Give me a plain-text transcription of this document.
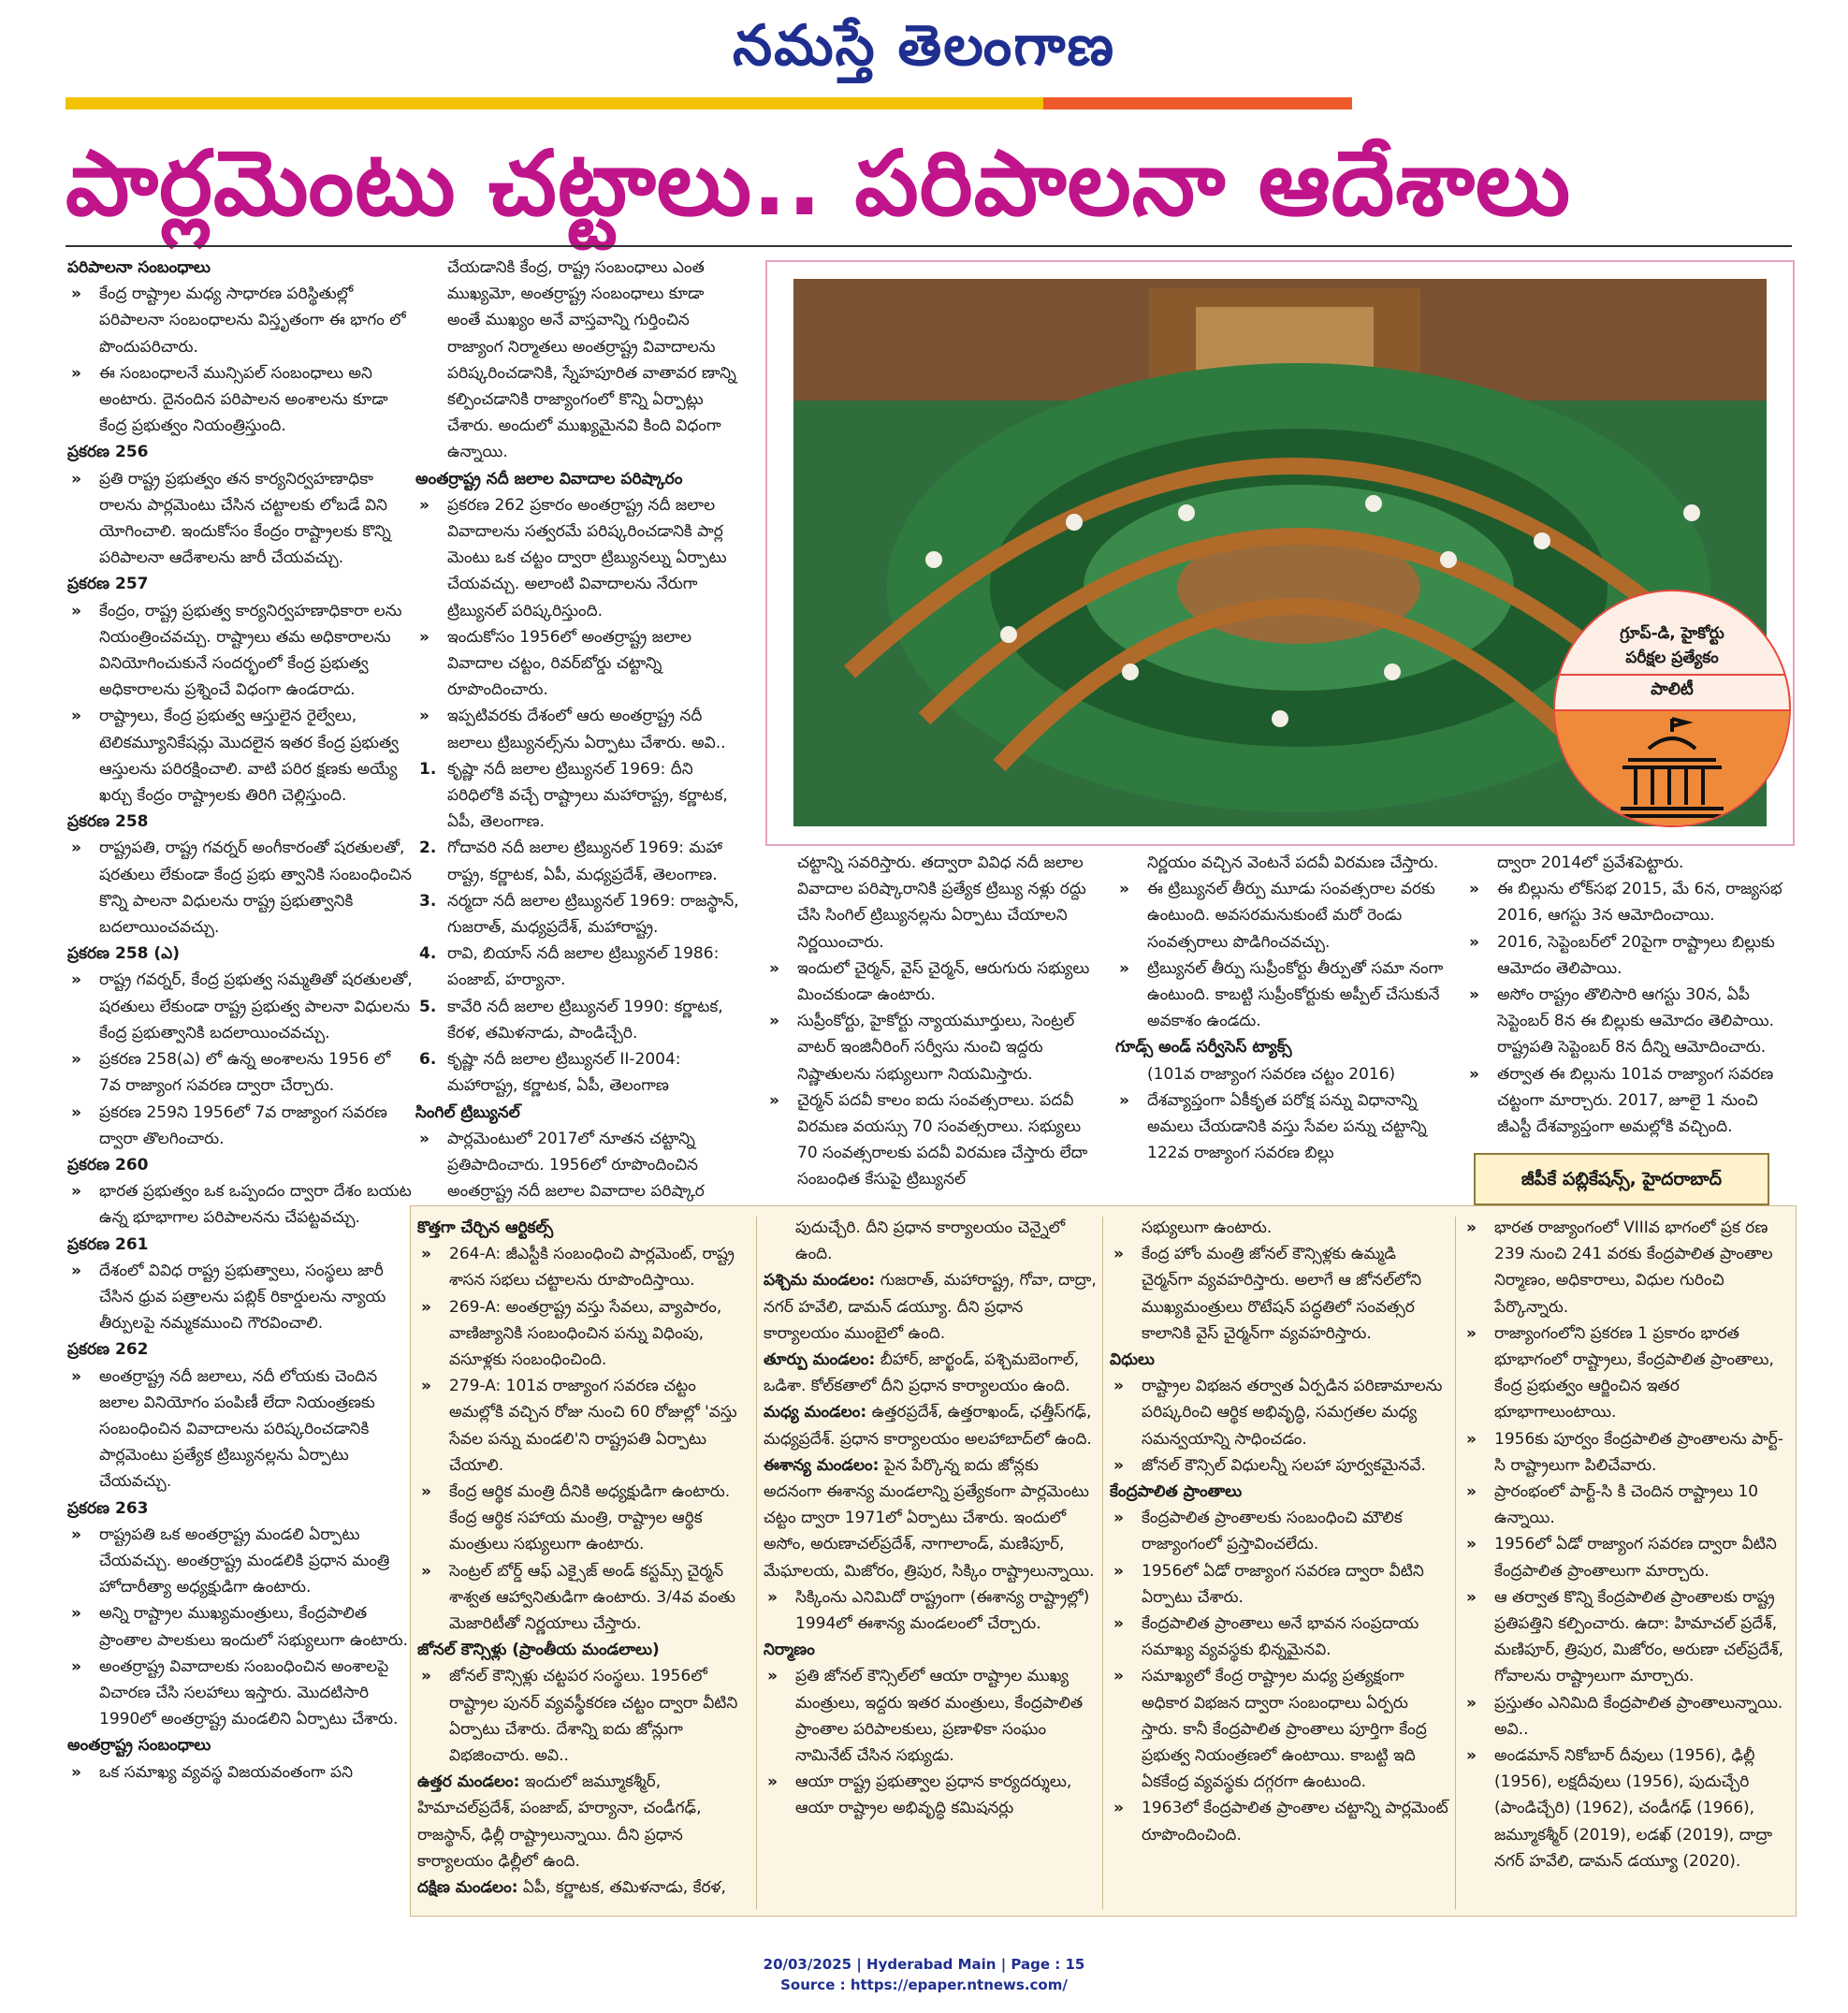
నమస్తే తెలంగాణ
పార్లమెంటు చట్టాలు.. పరిపాలనా ఆదేశాలు

పరిపాలనా సంబంధాలు

» కేంద్ర రాష్ట్రాల మధ్య సాధారణ పరిస్థితుల్లో పరిపాలనా సంబంధాలను విస్తృతంగా ఈ భాగం లో పొందుపరిచారు.

» ఈ సంబంధాలనే మున్సిపల్ సంబంధాలు అని అంటారు. దైనందిన పరిపాలన అంశాలను కూడా కేంద్ర ప్రభుత్వం నియంత్రిస్తుంది.

ప్రకరణ 256

» ప్రతి రాష్ట్ర ప్రభుత్వం తన కార్యనిర్వహణాధికా రాలను పార్లమెంటు చేసిన చట్టాలకు లోబడే విని యోగించాలి. ఇందుకోసం కేంద్రం రాష్ట్రాలకు కొన్ని పరిపాలనా ఆదేశాలను జారీ చేయవచ్చు.

ప్రకరణ 257

» కేంద్రం, రాష్ట్ర ప్రభుత్వ కార్యనిర్వహణాధికారా లను నియంత్రించవచ్చు. రాష్ట్రాలు తమ అధికారాలను వినియోగించుకునే సందర్భంలో కేంద్ర ప్రభుత్వ అధికారాలను ప్రశ్నించే విధంగా ఉండరాదు.

» రాష్ట్రాలు, కేంద్ర ప్రభుత్వ ఆస్తులైన రైల్వేలు, టెలికమ్యూనికేషన్లు మొదలైన ఇతర కేంద్ర ప్రభుత్వ ఆస్తులను పరిరక్షించాలి. వాటి పరిర క్షణకు అయ్యే ఖర్చు కేంద్రం రాష్ట్రాలకు తిరిగి చెల్లిస్తుంది.

ప్రకరణ 258

» రాష్ట్రపతి, రాష్ట్ర గవర్నర్ అంగీకారంతో షరతులతో, షరతులు లేకుండా కేంద్ర ప్రభు త్వానికి సంబంధించిన కొన్ని పాలనా విధులను రాష్ట్ర ప్రభుత్వానికి బదలాయించవచ్చు.

ప్రకరణ 258 (ఎ)

» రాష్ట్ర గవర్నర్, కేంద్ర ప్రభుత్వ సమ్మతితో షరతులతో, షరతులు లేకుండా రాష్ట్ర ప్రభుత్వ పాలనా విధులను కేంద్ర ప్రభుత్వానికి బదలాయించవచ్చు.

» ప్రకరణ 258(ఎ) లో ఉన్న అంశాలను 1956 లో 7వ రాజ్యాంగ సవరణ ద్వారా చేర్చారు.

» ప్రకరణ 259ని 1956లో 7వ రాజ్యాంగ సవరణ ద్వారా తొలగించారు.

ప్రకరణ 260

» భారత ప్రభుత్వం ఒక ఒప్పందం ద్వారా దేశం బయట ఉన్న భూభాగాల పరిపాలనను చేపట్టవచ్చు.

ప్రకరణ 261

» దేశంలో వివిధ రాష్ట్ర ప్రభుత్వాలు, సంస్థలు జారీ చేసిన ధ్రువ పత్రాలను పబ్లిక్ రికార్డులను న్యాయ తీర్పులపై నమ్మకముంచి గౌరవించాలి.

ప్రకరణ 262

» అంతర్రాష్ట్ర నదీ జలాలు, నదీ లోయకు చెందిన జలాల వినియోగం పంపిణీ లేదా నియంత్రణకు సంబంధించిన వివాదాలను పరిష్కరించడానికి పార్లమెంటు ప్రత్యేక ట్రిబ్యునల్లను ఏర్పాటు చేయవచ్చు.

ప్రకరణ 263

» రాష్ట్రపతి ఒక అంతర్రాష్ట్ర మండలి ఏర్పాటు చేయవచ్చు. అంతర్రాష్ట్ర మండలికి ప్రధాన మంత్రి హోదారీత్యా అధ్యక్షుడిగా ఉంటారు.

» అన్ని రాష్ట్రాల ముఖ్యమంత్రులు, కేంద్రపాలిత ప్రాంతాల పాలకులు ఇందులో సభ్యులుగా ఉంటారు.

» అంతర్రాష్ట్ర వివాదాలకు సంబంధించిన అంశాలపై విచారణ చేసి సలహాలు ఇస్తారు. మొదటిసారి 1990లో అంతర్రాష్ట్ర మండలిని ఏర్పాటు చేశారు.

అంతర్రాష్ట్ర సంబంధాలు

» ఒక సమాఖ్య వ్యవస్థ విజయవంతంగా పని

చేయడానికి కేంద్ర, రాష్ట్ర సంబంధాలు ఎంత ముఖ్యమో, అంతర్రాష్ట్ర సంబంధాలు కూడా అంతే ముఖ్యం అనే వాస్తవాన్ని గుర్తించిన రాజ్యాంగ నిర్మాతలు అంతర్రాష్ట్ర వివాదాలను పరిష్కరించడానికి, స్నేహపూరిత వాతావర ణాన్ని కల్పించడానికి రాజ్యాంగంలో కొన్ని ఏర్పాట్లు చేశారు. అందులో ముఖ్యమైనవి కింది విధంగా ఉన్నాయి.

అంతర్రాష్ట్ర నదీ జలాల వివాదాల పరిష్కారం

» ప్రకరణ 262 ప్రకారం అంతర్రాష్ట్ర నదీ జలాల వివాదాలను సత్వరమే పరిష్కరించడానికి పార్ల మెంటు ఒక చట్టం ద్వారా ట్రిబ్యునల్ను ఏర్పాటు చేయవచ్చు. అలాంటి వివాదాలను నేరుగా ట్రిబ్యునల్ పరిష్కరిస్తుంది.

» ఇందుకోసం 1956లో అంతర్రాష్ట్ర జలాల వివాదాల చట్టం, రివర్‌బోర్డు చట్టాన్ని రూపొందించారు.

» ఇప్పటివరకు దేశంలో ఆరు అంతర్రాష్ట్ర నదీ జలాలు ట్రిబ్యునల్స్‌ను ఏర్పాటు చేశారు. అవి..

1. కృష్ణా నదీ జలాల ట్రిబ్యునల్ 1969: దీని పరిధిలోకి వచ్చే రాష్ట్రాలు మహారాష్ట్ర, కర్ణాటక, ఏపీ, తెలంగాణ.

2. గోదావరి నదీ జలాల ట్రిబ్యునల్ 1969: మహా రాష్ట్ర, కర్ణాటక, ఏపీ, మధ్యప్రదేశ్, తెలంగాణ.

3. నర్మదా నదీ జలాల ట్రిబ్యునల్ 1969: రాజస్థాన్, గుజరాత్, మధ్యప్రదేశ్, మహారాష్ట్ర.

4. రావి, బియాస్ నదీ జలాల ట్రిబ్యునల్ 1986: పంజాబ్, హర్యానా.

5. కావేరి నదీ జలాల ట్రిబ్యునల్ 1990: కర్ణాటక, కేరళ, తమిళనాడు, పాండిచ్చేరి.

6. కృష్ణా నదీ జలాల ట్రిబ్యునల్ II-2004: మహారాష్ట్ర, కర్ణాటక, ఏపీ, తెలంగాణ

సింగిల్ ట్రిబ్యునల్

» పార్లమెంటులో 2017లో నూతన చట్టాన్ని ప్రతిపాదించారు. 1956లో రూపొందించిన అంతర్రాష్ట్ర నదీ జలాల వివాదాల పరిష్కార

చట్టాన్ని సవరిస్తారు. తద్వారా వివిధ నదీ జలాల వివాదాల పరిష్కారానికి ప్రత్యేక ట్రిబ్యు నళ్లు రద్దు చేసి సింగిల్ ట్రిబ్యునల్లను ఏర్పాటు చేయాలని నిర్ణయించారు.

» ఇందులో చైర్మన్, వైస్ చైర్మన్, ఆరుగురు సభ్యులు మించకుండా ఉంటారు.

» సుప్రీంకోర్టు, హైకోర్టు న్యాయమూర్తులు, సెంట్రల్ వాటర్ ఇంజినీరింగ్ సర్వీసు నుంచి ఇద్దరు నిష్ణాతులను సభ్యులుగా నియమిస్తారు.

» చైర్మన్ పదవీ కాలం ఐదు సంవత్సరాలు. పదవీ విరమణ వయస్సు 70 సంవత్సరాలు. సభ్యులు 70 సంవత్సరాలకు పదవీ విరమణ చేస్తారు లేదా సంబంధిత కేసుపై ట్రిబ్యునల్

నిర్ణయం వచ్చిన వెంటనే పదవీ విరమణ చేస్తారు.

» ఈ ట్రిబ్యునల్ తీర్పు మూడు సంవత్సరాల వరకు ఉంటుంది. అవసరమనుకుంటే మరో రెండు సంవత్సరాలు పొడిగించవచ్చు.

» ట్రిబ్యునల్ తీర్పు సుప్రీంకోర్టు తీర్పుతో సమా నంగా ఉంటుంది. కాబట్టి సుప్రీంకోర్టుకు అప్పీల్ చేసుకునే అవకాశం ఉండదు.

గూడ్స్ అండ్ సర్వీసెస్ ట్యాక్స్

(101వ రాజ్యాంగ సవరణ చట్టం 2016)

» దేశవ్యాప్తంగా ఏకీకృత పరోక్ష పన్ను విధానాన్ని అమలు చేయడానికి వస్తు సేవల పన్ను చట్టాన్ని 122వ రాజ్యాంగ సవరణ బిల్లు

ద్వారా 2014లో ప్రవేశపెట్టారు.

» ఈ బిల్లును లోక్‌సభ 2015, మే 6న, రాజ్యసభ 2016, ఆగస్టు 3న ఆమోదించాయి.

» 2016, సెప్టెంబర్‌లో 20పైగా రాష్ట్రాలు బిల్లుకు ఆమోదం తెలిపాయి.

» అసోం రాష్ట్రం తొలిసారి ఆగస్టు 30న, ఏపీ సెప్టెంబర్ 8న ఈ బిల్లుకు ఆమోదం తెలిపాయి. రాష్ట్రపతి సెప్టెంబర్ 8న దీన్ని ఆమోదించారు.

» తర్వాత ఈ బిల్లును 101వ రాజ్యాంగ సవరణ చట్టంగా మార్చారు. 2017, జూలై 1 నుంచి జీఎస్టీ దేశవ్యాప్తంగా అమల్లోకి వచ్చింది.

గ్రూప్-డి, హైకోర్టు
పరీక్షల ప్రత్యేకం
పాలిటీ

కొత్తగా చేర్చిన ఆర్టికల్స్

» 264-A: జీఎస్టీకి సంబంధించి పార్లమెంట్, రాష్ట్ర శాసన సభలు చట్టాలను రూపొందిస్తాయి.

» 269-A: అంతర్రాష్ట్ర వస్తు సేవలు, వ్యాపారం, వాణిజ్యానికి సంబంధించిన పన్ను విధింపు, వసూళ్లకు సంబంధించింది.

» 279-A: 101వ రాజ్యాంగ సవరణ చట్టం అమల్లోకి వచ్చిన రోజు నుంచి 60 రోజుల్లో 'వస్తు సేవల పన్ను మండలి'ని రాష్ట్రపతి ఏర్పాటు చేయాలి.

» కేంద్ర ఆర్థిక మంత్రి దీనికి అధ్యక్షుడిగా ఉంటారు. కేంద్ర ఆర్థిక సహాయ మంత్రి, రాష్ట్రాల ఆర్థిక మంత్రులు సభ్యులుగా ఉంటారు.

» సెంట్రల్ బోర్డ్ ఆఫ్ ఎక్సైజ్ అండ్ కస్టమ్స్ చైర్మన్ శాశ్వత ఆహ్వానితుడిగా ఉంటారు. 3/4వ వంతు మెజారిటీతో నిర్ణయాలు చేస్తారు.

జోనల్ కౌన్సిళ్లు (ప్రాంతీయ మండలాలు)

» జోనల్ కౌన్సిళ్లు చట్టపర సంస్థలు. 1956లో రాష్ట్రాల పునర్ వ్యవస్థీకరణ చట్టం ద్వారా వీటిని ఏర్పాటు చేశారు. దేశాన్ని ఐదు జోన్లుగా విభజించారు. అవి..

ఉత్తర మండలం: ఇందులో జమ్మూకశ్మీర్, హిమాచల్‌ప్రదేశ్, పంజాబ్, హర్యానా, చండీగఢ్, రాజస్థాన్, ఢిల్లీ రాష్ట్రాలున్నాయి. దీని ప్రధాన కార్యాలయం ఢిల్లీలో ఉంది.

దక్షిణ మండలం: ఏపీ, కర్ణాటక, తమిళనాడు, కేరళ,

పుదుచ్చేరి. దీని ప్రధాన కార్యాలయం చెన్నైలో ఉంది.

పశ్చిమ మండలం: గుజరాత్, మహారాష్ట్ర, గోవా, దాద్రా, నగర్ హవేలి, డామన్ డయ్యూ. దీని ప్రధాన కార్యాలయం ముంబైలో ఉంది.

తూర్పు మండలం: బీహార్, జార్ఖండ్, పశ్చిమబెంగాల్, ఒడిశా. కోల్‌కతాలో దీని ప్రధాన కార్యాలయం ఉంది.

మధ్య మండలం: ఉత్తరప్రదేశ్, ఉత్తరాఖండ్, ఛత్తీస్‌గఢ్, మధ్యప్రదేశ్. ప్రధాన కార్యాలయం అలహాబాద్‌లో ఉంది.

ఈశాన్య మండలం: పైన పేర్కొన్న ఐదు జోన్లకు అదనంగా ఈశాన్య మండలాన్ని ప్రత్యేకంగా పార్లమెంటు చట్టం ద్వారా 1971లో ఏర్పాటు చేశారు. ఇందులో అసోం, అరుణాచల్‌ప్రదేశ్, నాగాలాండ్, మణిపూర్, మేఘాలయ, మిజోరం, త్రిపుర, సిక్కిం రాష్ట్రాలున్నాయి.

» సిక్కింను ఎనిమిదో రాష్ట్రంగా (ఈశాన్య రాష్ట్రాల్లో) 1994లో ఈశాన్య మండలంలో చేర్చారు.

నిర్మాణం

» ప్రతి జోనల్ కౌన్సిల్‌లో ఆయా రాష్ట్రాల ముఖ్య మంత్రులు, ఇద్దరు ఇతర మంత్రులు, కేంద్రపాలిత ప్రాంతాల పరిపాలకులు, ప్రణాళికా సంఘం నామినేట్ చేసిన సభ్యుడు.

» ఆయా రాష్ట్ర ప్రభుత్వాల ప్రధాన కార్యదర్శులు, ఆయా రాష్ట్రాల అభివృద్ధి కమిషనర్లు

సభ్యులుగా ఉంటారు.

» కేంద్ర హోం మంత్రి జోనల్ కౌన్సిళ్లకు ఉమ్మడి చైర్మన్‌గా వ్యవహరిస్తారు. అలాగే ఆ జోనల్‌లోని ముఖ్యమంత్రులు రొటేషన్ పద్ధతిలో సంవత్సర కాలానికి వైస్ చైర్మన్‌గా వ్యవహరిస్తారు.

విధులు

» రాష్ట్రాల విభజన తర్వాత ఏర్పడిన పరిణామాలను పరిష్కరించి ఆర్థిక అభివృద్ధి, సమగ్రతల మధ్య సమన్వయాన్ని సాధించడం.

» జోనల్ కౌన్సిల్ విధులన్నీ సలహా పూర్వకమైనవే.

కేంద్రపాలిత ప్రాంతాలు

» కేంద్రపాలిత ప్రాంతాలకు సంబంధించి మౌలిక రాజ్యాంగంలో ప్రస్తావించలేదు.

» 1956లో ఏడో రాజ్యాంగ సవరణ ద్వారా వీటిని ఏర్పాటు చేశారు.

» కేంద్రపాలిత ప్రాంతాలు అనే భావన సంప్రదాయ సమాఖ్య వ్యవస్థకు భిన్నమైనవి.

» సమాఖ్యలో కేంద్ర రాష్ట్రాల మధ్య ప్రత్యక్షంగా అధికార విభజన ద్వారా సంబంధాలు ఏర్పరు స్తారు. కానీ కేంద్రపాలిత ప్రాంతాలు పూర్తిగా కేంద్ర ప్రభుత్వ నియంత్రణలో ఉంటాయి. కాబట్టి ఇది ఏకకేంద్ర వ్యవస్థకు దగ్గరగా ఉంటుంది.

» 1963లో కేంద్రపాలిత ప్రాంతాల చట్టాన్ని పార్లమెంట్ రూపొందించింది.

» భారత రాజ్యాంగంలో VIIIవ భాగంలో ప్రక రణ 239 నుంచి 241 వరకు కేంద్రపాలిత ప్రాంతాల నిర్మాణం, అధికారాలు, విధుల గురించి పేర్కొన్నారు.

» రాజ్యాంగంలోని ప్రకరణ 1 ప్రకారం భారత భూభాగంలో రాష్ట్రాలు, కేంద్రపాలిత ప్రాంతాలు, కేంద్ర ప్రభుత్వం ఆర్జించిన ఇతర భూభాగాలుంటాయి.

» 1956కు పూర్వం కేంద్రపాలిత ప్రాంతాలను పార్ట్-సి రాష్ట్రాలుగా పిలిచేవారు.

» ప్రారంభంలో పార్ట్-సి కి చెందిన రాష్ట్రాలు 10 ఉన్నాయి.

» 1956లో ఏడో రాజ్యాంగ సవరణ ద్వారా వీటిని కేంద్రపాలిత ప్రాంతాలుగా మార్చారు.

» ఆ తర్వాత కొన్ని కేంద్రపాలిత ప్రాంతాలకు రాష్ట్ర ప్రతిపత్తిని కల్పించారు. ఉదా: హిమాచల్ ప్రదేశ్, మణిపూర్, త్రిపుర, మిజోరం, అరుణా చల్‌ప్రదేశ్, గోవాలను రాష్ట్రాలుగా మార్చారు.

» ప్రస్తుతం ఎనిమిది కేంద్రపాలిత ప్రాంతాలున్నాయి. అవి..

» అండమాన్ నికోబార్ దీవులు (1956), ఢిల్లీ (1956), లక్షదీవులు (1956), పుదుచ్చేరి (పాండిచ్చేరి) (1962), చండీగఢ్ (1966), జమ్మూకశ్మీర్ (2019), లడఖ్ (2019), దాద్రా నగర్ హవేలి, డామన్ డయ్యూ (2020).

జీపీకే పబ్లికేషన్స్, హైదరాబాద్
20/03/2025 | Hyderabad Main | Page : 15
Source : https://epaper.ntnews.com/
